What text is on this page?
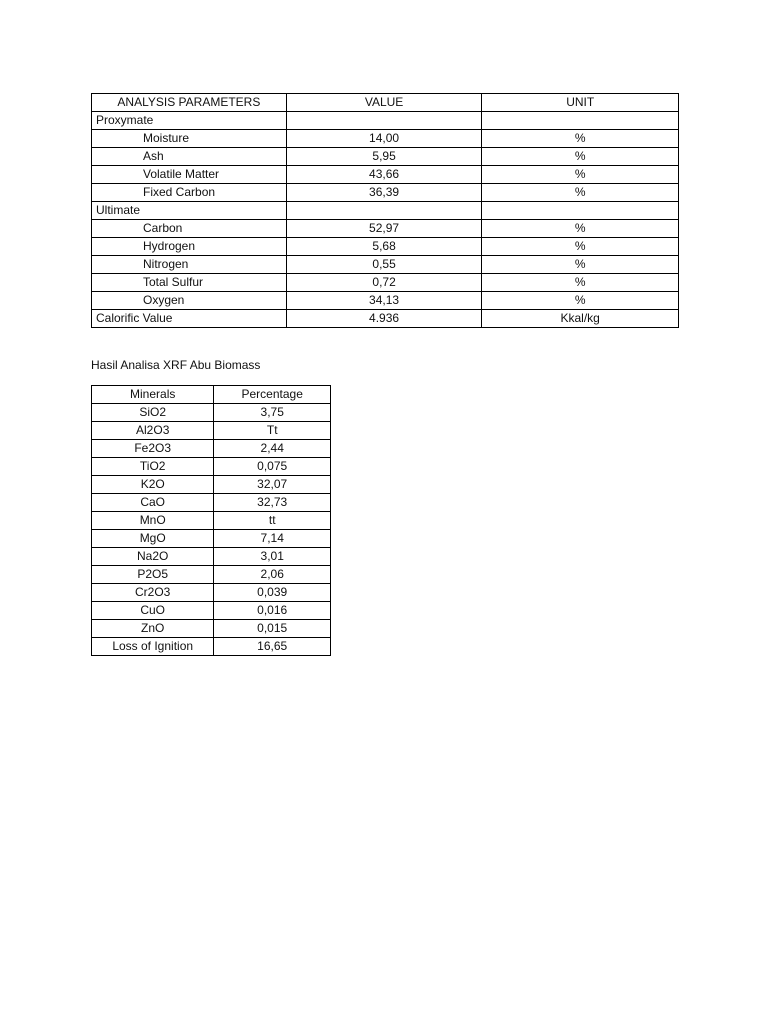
ANALYSIS PARAMETERS	VALUE	UNIT
Proxymate		
Moisture	14,00	%
Ash	5,95	%
Volatile Matter	43,66	%
Fixed Carbon	36,39	%
Ultimate		
Carbon	52,97	%
Hydrogen	5,68	%
Nitrogen	0,55	%
Total Sulfur	0,72	%
Oxygen	34,13	%
Calorific Value	4.936	Kkal/kg
Hasil Analisa XRF Abu Biomass
Minerals	Percentage
SiO2	3,75
Al2O3	Tt
Fe2O3	2,44
TiO2	0,075
K2O	32,07
CaO	32,73
MnO	tt
MgO	7,14
Na2O	3,01
P2O5	2,06
Cr2O3	0,039
CuO	0,016
ZnO	0,015
Loss of Ignition	16,65
